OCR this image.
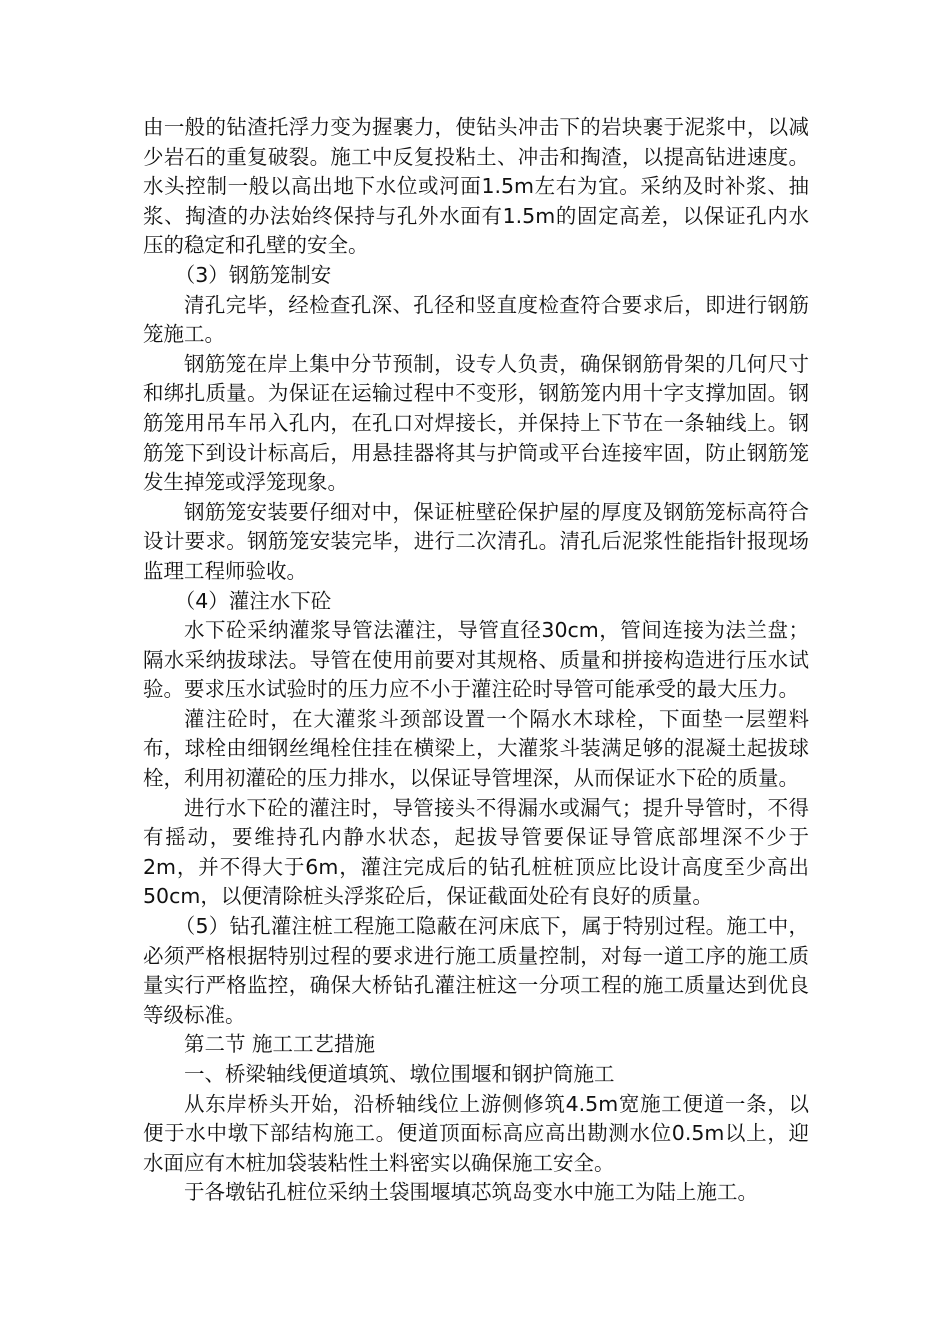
由一般的钻渣托浮力变为握裹力，使钻头冲击下的岩块裹于泥浆中，以减少岩石的重复破裂。施工中反复投粘土、冲击和掏渣，以提高钻进速度。水头控制一般以高出地下水位或河面1.5m左右为宜。采纳及时补浆、抽浆、掏渣的办法始终保持与孔外水面有1.5m的固定高差，以保证孔内水压的稳定和孔壁的安全。

（3）钢筋笼制安

清孔完毕，经检查孔深、孔径和竖直度检查符合要求后，即进行钢筋笼施工。

钢筋笼在岸上集中分节预制，设专人负责，确保钢筋骨架的几何尺寸和绑扎质量。为保证在运输过程中不变形，钢筋笼内用十字支撑加固。钢筋笼用吊车吊入孔内，在孔口对焊接长，并保持上下节在一条轴线上。钢筋笼下到设计标高后，用悬挂器将其与护筒或平台连接牢固，防止钢筋笼发生掉笼或浮笼现象。

钢筋笼安装要仔细对中，保证桩壁砼保护屋的厚度及钢筋笼标高符合设计要求。钢筋笼安装完毕，进行二次清孔。清孔后泥浆性能指针报现场监理工程师验收。

（4）灌注水下砼

水下砼采纳灌浆导管法灌注，导管直径30cm，管间连接为法兰盘；隔水采纳拔球法。导管在使用前要对其规格、质量和拼接构造进行压水试验。要求压水试验时的压力应不小于灌注砼时导管可能承受的最大压力。

灌注砼时，在大灌浆斗颈部设置一个隔水木球栓，下面垫一层塑料布，球栓由细钢丝绳栓住挂在横梁上，大灌浆斗装满足够的混凝土起拔球栓，利用初灌砼的压力排水，以保证导管埋深，从而保证水下砼的质量。

进行水下砼的灌注时，导管接头不得漏水或漏气；提升导管时，不得有摇动，要维持孔内静水状态，起拔导管要保证导管底部埋深不少于2m，并不得大于6m，灌注完成后的钻孔桩桩顶应比设计高度至少高出50cm，以便清除桩头浮浆砼后，保证截面处砼有良好的质量。

（5）钻孔灌注桩工程施工隐蔽在河床底下，属于特别过程。施工中，必须严格根据特别过程的要求进行施工质量控制，对每一道工序的施工质量实行严格监控，确保大桥钻孔灌注桩这一分项工程的施工质量达到优良等级标准。

第二节 施工工艺措施

一、桥梁轴线便道填筑、墩位围堰和钢护筒施工

从东岸桥头开始，沿桥轴线位上游侧修筑4.5m宽施工便道一条，以便于水中墩下部结构施工。便道顶面标高应高出勘测水位0.5m以上，迎水面应有木桩加袋装粘性土料密实以确保施工安全。

于各墩钻孔桩位采纳土袋围堰填芯筑岛变水中施工为陆上施工。
